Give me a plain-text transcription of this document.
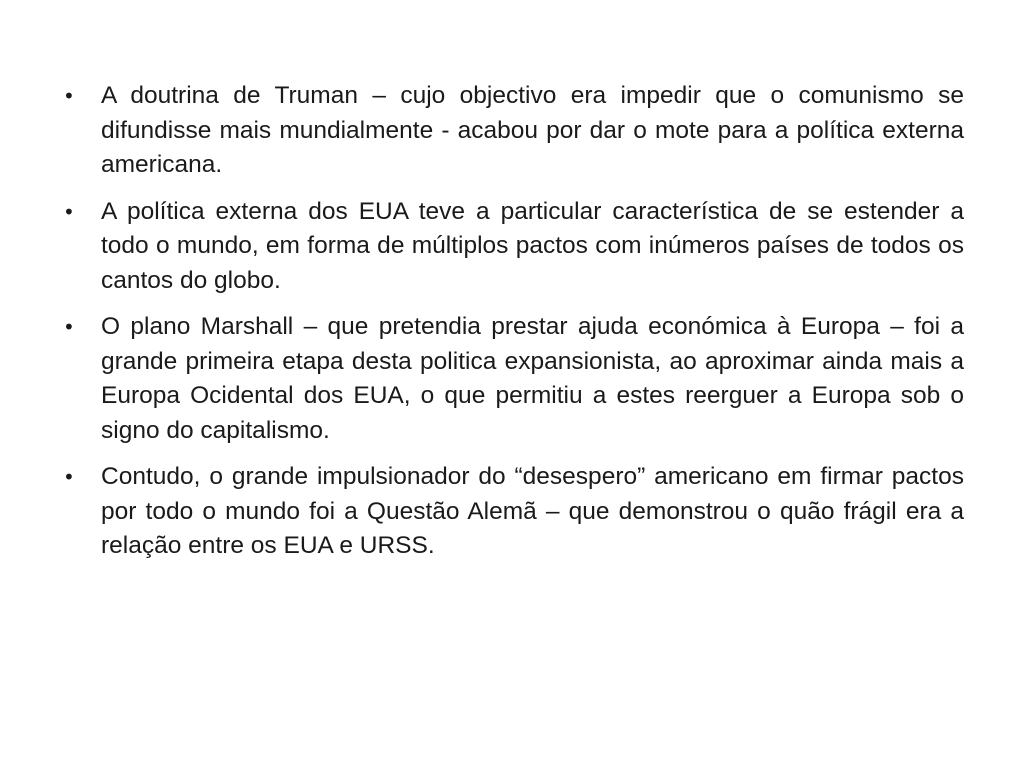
• A doutrina de Truman – cujo objectivo era impedir que o comunismo se difundisse mais mundialmente - acabou por dar o mote para a política externa americana.
• A política externa dos EUA teve a particular característica de se estender a todo o mundo, em forma de múltiplos pactos com inúmeros países de todos os cantos do globo.
• O plano Marshall – que pretendia prestar ajuda económica à Europa – foi a grande primeira etapa desta politica expansionista, ao aproximar ainda mais a Europa Ocidental dos EUA, o que permitiu a estes reerguer a Europa sob o signo do capitalismo.
• Contudo, o grande impulsionador do “desespero” americano em firmar pactos por todo o mundo foi a Questão Alemã – que demonstrou o quão frágil era a relação entre os EUA e URSS.
